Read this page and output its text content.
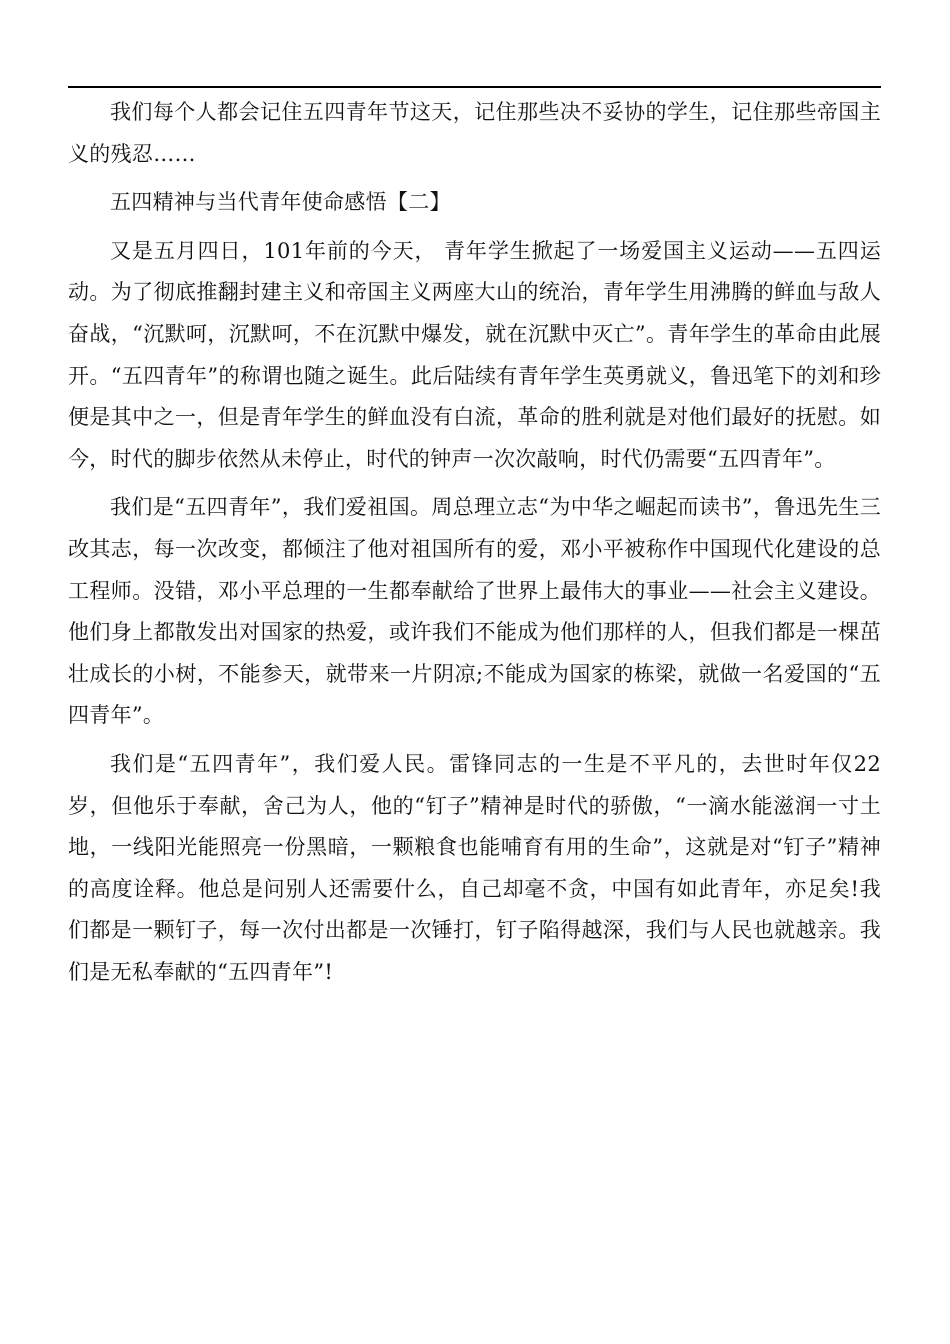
我们每个人都会记住五四青年节这天，记住那些决不妥协的学生，记住那些帝国主义的残忍……

五四精神与当代青年使命感悟【二】

又是五月四日，101年前的今天， 青年学生掀起了一场爱国主义运动——五四运动。为了彻底推翻封建主义和帝国主义两座大山的统治，青年学生用沸腾的鲜血与敌人奋战，“沉默呵，沉默呵，不在沉默中爆发，就在沉默中灭亡”。青年学生的革命由此展开。“五四青年”的称谓也随之诞生。此后陆续有青年学生英勇就义，鲁迅笔下的刘和珍便是其中之一，但是青年学生的鲜血没有白流，革命的胜利就是对他们最好的抚慰。如今，时代的脚步依然从未停止，时代的钟声一次次敲响，时代仍需要“五四青年”。

我们是“五四青年”，我们爱祖国。周总理立志“为中华之崛起而读书”，鲁迅先生三改其志，每一次改变，都倾注了他对祖国所有的爱，邓小平被称作中国现代化建设的总工程师。没错，邓小平总理的一生都奉献给了世界上最伟大的事业——社会主义建设。他们身上都散发出对国家的热爱，或许我们不能成为他们那样的人，但我们都是一棵茁壮成长的小树，不能参天，就带来一片阴凉;不能成为国家的栋梁，就做一名爱国的“五四青年”。

我们是“五四青年”，我们爱人民。雷锋同志的一生是不平凡的，去世时年仅22岁，但他乐于奉献，舍己为人，他的“钉子”精神是时代的骄傲，“一滴水能滋润一寸土地，一线阳光能照亮一份黑暗，一颗粮食也能哺育有用的生命”，这就是对“钉子”精神的高度诠释。他总是问别人还需要什么，自己却毫不贪，中国有如此青年，亦足矣!我们都是一颗钉子，每一次付出都是一次锤打，钉子陷得越深，我们与人民也就越亲。我们是无私奉献的“五四青年”!
